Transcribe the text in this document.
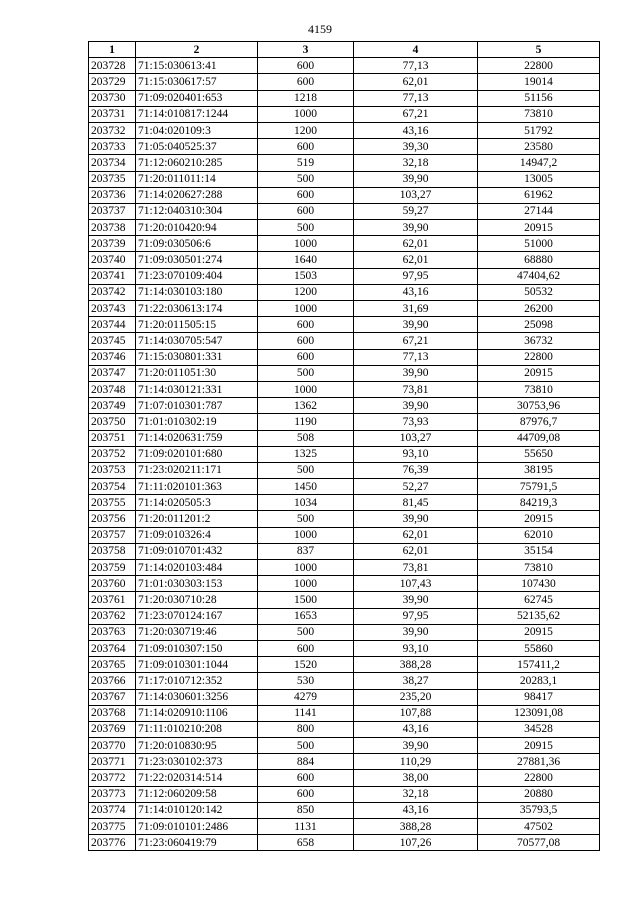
4159
1	2	3	4	5
203728	71:15:030613:41	600	77,13	22800
203729	71:15:030617:57	600	62,01	19014
203730	71:09:020401:653	1218	77,13	51156
203731	71:14:010817:1244	1000	67,21	73810
203732	71:04:020109:3	1200	43,16	51792
203733	71:05:040525:37	600	39,30	23580
203734	71:12:060210:285	519	32,18	14947,2
203735	71:20:011011:14	500	39,90	13005
203736	71:14:020627:288	600	103,27	61962
203737	71:12:040310:304	600	59,27	27144
203738	71:20:010420:94	500	39,90	20915
203739	71:09:030506:6	1000	62,01	51000
203740	71:09:030501:274	1640	62,01	68880
203741	71:23:070109:404	1503	97,95	47404,62
203742	71:14:030103:180	1200	43,16	50532
203743	71:22:030613:174	1000	31,69	26200
203744	71:20:011505:15	600	39,90	25098
203745	71:14:030705:547	600	67,21	36732
203746	71:15:030801:331	600	77,13	22800
203747	71:20:011051:30	500	39,90	20915
203748	71:14:030121:331	1000	73,81	73810
203749	71:07:010301:787	1362	39,90	30753,96
203750	71:01:010302:19	1190	73,93	87976,7
203751	71:14:020631:759	508	103,27	44709,08
203752	71:09:020101:680	1325	93,10	55650
203753	71:23:020211:171	500	76,39	38195
203754	71:11:020101:363	1450	52,27	75791,5
203755	71:14:020505:3	1034	81,45	84219,3
203756	71:20:011201:2	500	39,90	20915
203757	71:09:010326:4	1000	62,01	62010
203758	71:09:010701:432	837	62,01	35154
203759	71:14:020103:484	1000	73,81	73810
203760	71:01:030303:153	1000	107,43	107430
203761	71:20:030710:28	1500	39,90	62745
203762	71:23:070124:167	1653	97,95	52135,62
203763	71:20:030719:46	500	39,90	20915
203764	71:09:010307:150	600	93,10	55860
203765	71:09:010301:1044	1520	388,28	157411,2
203766	71:17:010712:352	530	38,27	20283,1
203767	71:14:030601:3256	4279	235,20	98417
203768	71:14:020910:1106	1141	107,88	123091,08
203769	71:11:010210:208	800	43,16	34528
203770	71:20:010830:95	500	39,90	20915
203771	71:23:030102:373	884	110,29	27881,36
203772	71:22:020314:514	600	38,00	22800
203773	71:12:060209:58	600	32,18	20880
203774	71:14:010120:142	850	43,16	35793,5
203775	71:09:010101:2486	1131	388,28	47502
203776	71:23:060419:79	658	107,26	70577,08
